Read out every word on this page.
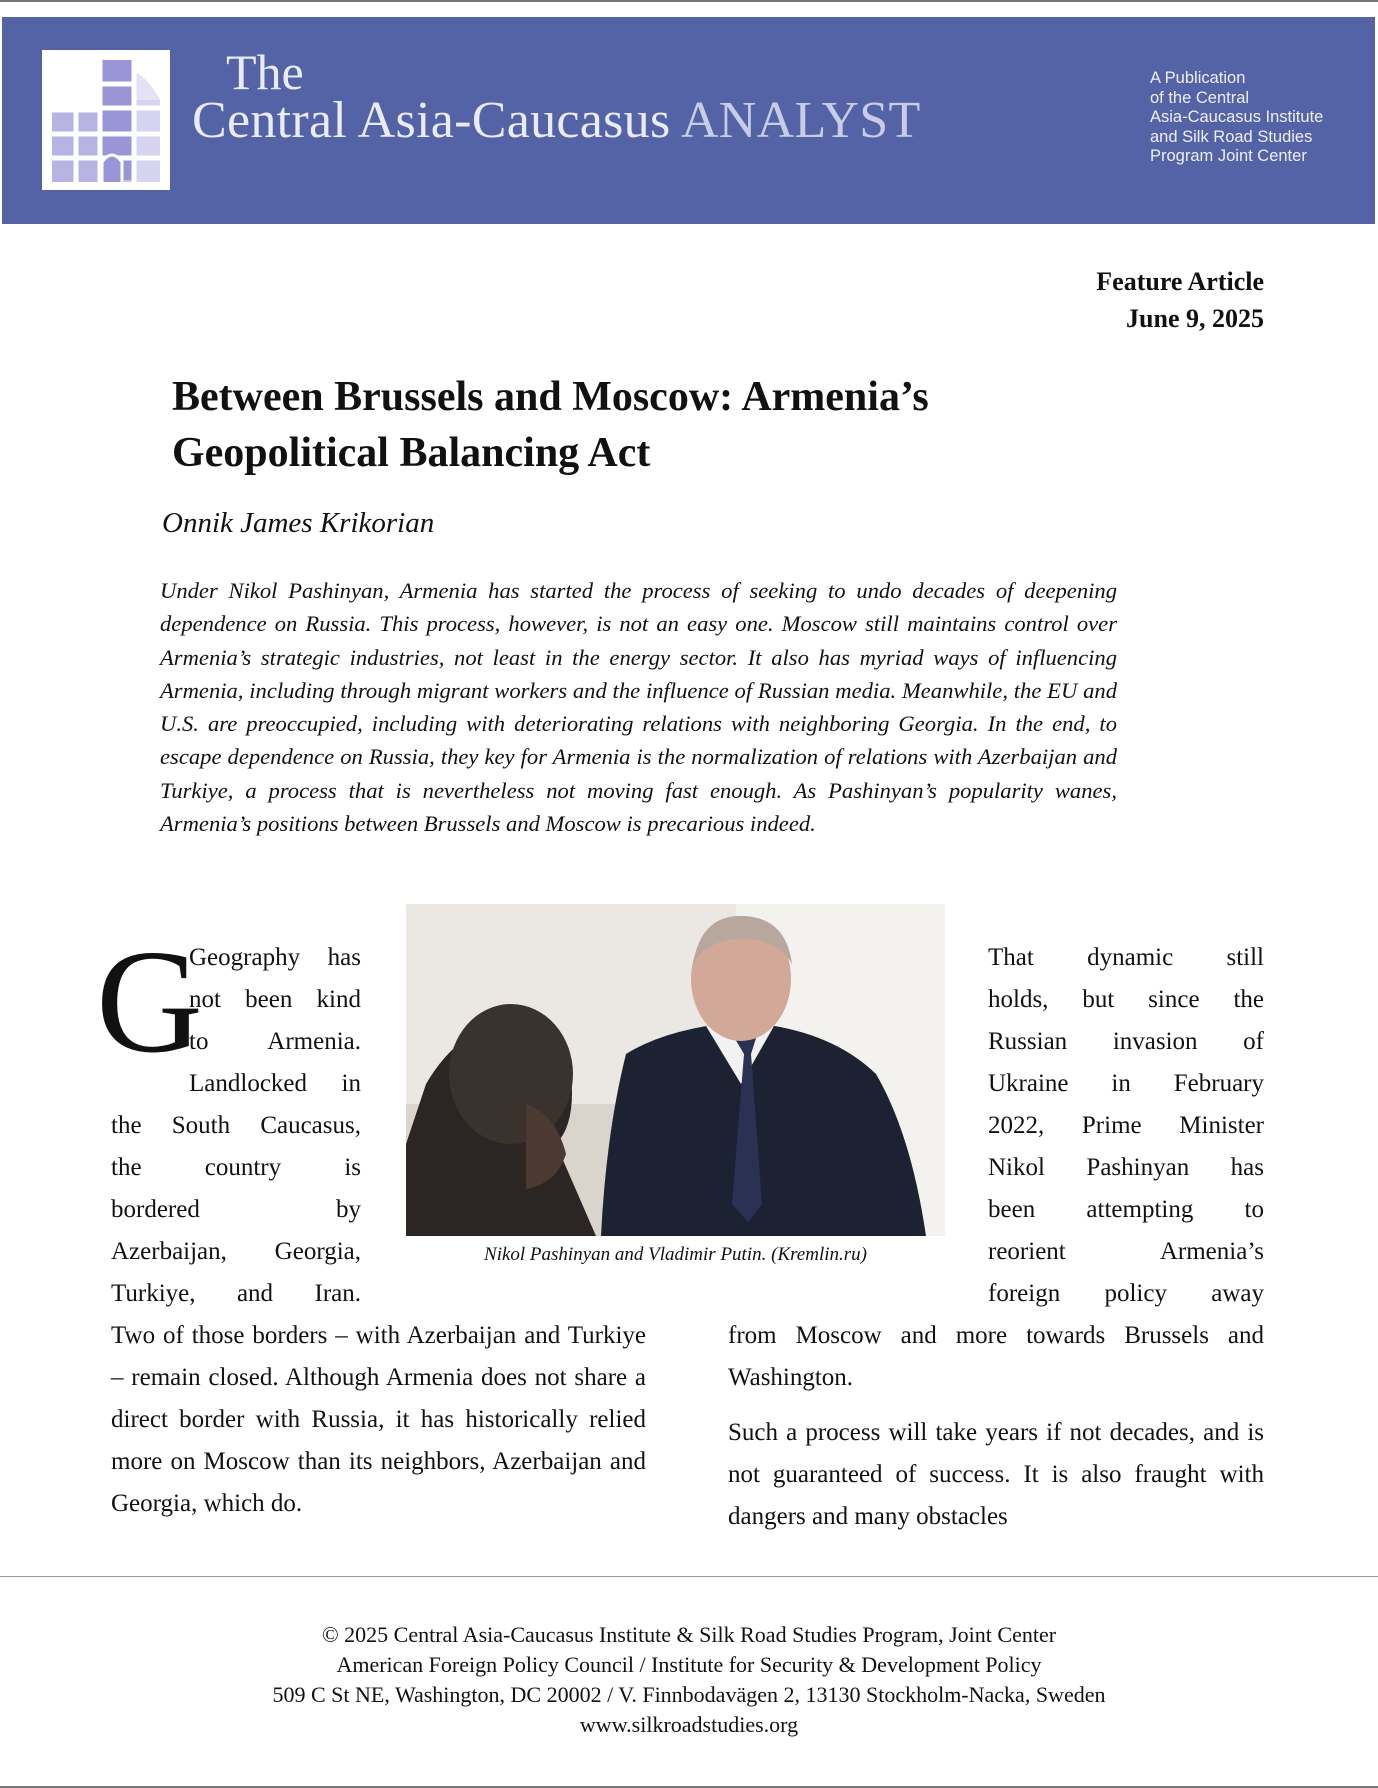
The
Central Asia-Caucasus ANALYST
A Publication
of the Central
Asia-Caucasus Institute
and Silk Road Studies
Program Joint Center
Feature Article
June 9, 2025
Between Brussels and Moscow: Armenia’s
Geopolitical Balancing Act
Onnik James Krikorian

Under Nikol Pashinyan, Armenia has started the process of seeking to undo decades of deepening dependence on Russia. This process, however, is not an easy one. Moscow still maintains control over Armenia’s strategic industries, not least in the energy sector. It also has myriad ways of influencing Armenia, including through migrant workers and the influence of Russian media. Meanwhile, the EU and U.S. are preoccupied, including with deteriorating relations with neighboring Georgia. In the end, to escape dependence on Russia, they key for Armenia is the normalization of relations with Azerbaijan and Turkiye, a process that is nevertheless not moving fast enough. As Pashinyan’s popularity wanes, Armenia’s positions between Brussels and Moscow is precarious indeed.

Nikol Pashinyan and Vladimir Putin. (Kremlin.ru)
G
Geography has
not been kind
to Armenia.
Landlocked in
the South Caucasus,
the country is
bordered by
Azerbaijan, Georgia,
Turkiye, and Iran.

Two of those borders – with Azerbaijan and Turkiye – remain closed. Although Armenia does not share a direct border with Russia, it has historically relied more on Moscow than its neighbors, Azerbaijan and Georgia, which do.

That dynamic still
holds, but since the
Russian invasion of
Ukraine in February
2022, Prime Minister
Nikol Pashinyan has
been attempting to
reorient Armenia’s
foreign policy away

from Moscow and more towards Brussels and Washington.

Such a process will take years if not decades, and is not guaranteed of success. It is also fraught with dangers and many obstacles

© 2025 Central Asia-Caucasus Institute & Silk Road Studies Program, Joint Center
American Foreign Policy Council / Institute for Security & Development Policy
509 C St NE, Washington, DC 20002 / V. Finnbodavägen 2, 13130 Stockholm-Nacka, Sweden
www.silkroadstudies.org
